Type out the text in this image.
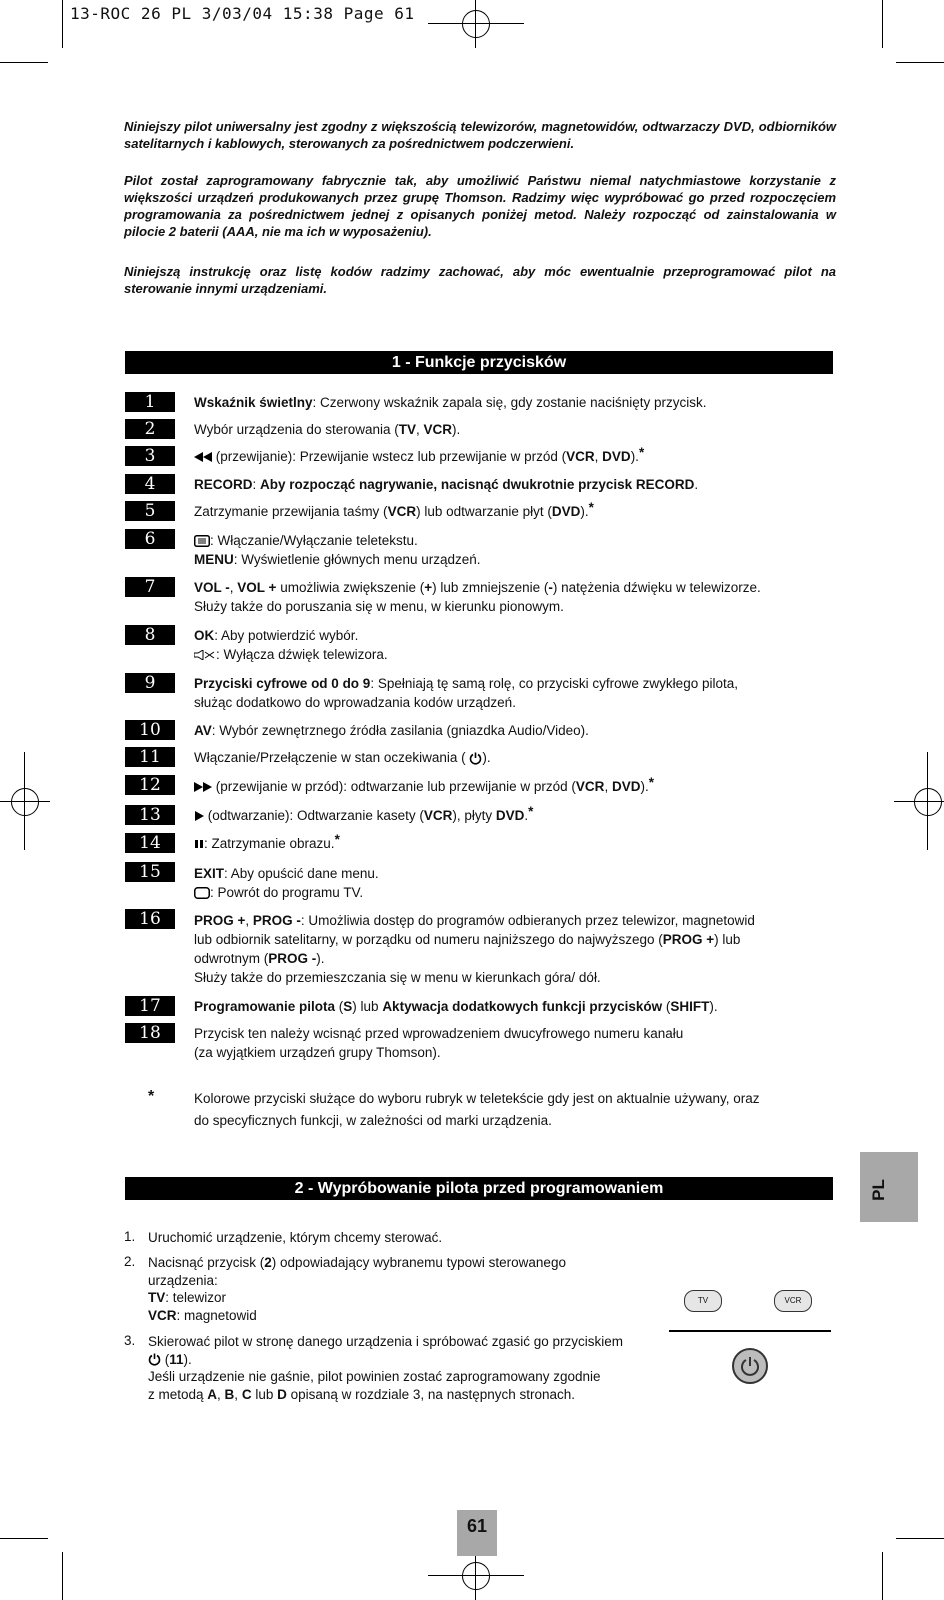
13-ROC 26 PL 3/03/04 15:38 Page 61
Niniejszy pilot uniwersalny jest zgodny z większością telewizorów, magnetowidów, odtwarzaczy DVD, odbiorników satelitarnych i kablowych, sterowanych za pośrednictwem podczerwieni.
Pilot został zaprogramowany fabrycznie tak, aby umożliwić Państwu niemal natychmiastowe korzystanie z większości urządzeń produkowanych przez grupę Thomson. Radzimy więc wypróbować go przed rozpoczęciem programowania za pośrednictwem jednej z opisanych poniżej metod. Należy rozpocząć od zainstalowania w pilocie 2 baterii (AAA, nie ma ich w wyposażeniu).
Niniejszą instrukcję oraz listę kodów radzimy zachować, aby móc ewentualnie przeprogramować pilot na sterowanie innymi urządzeniami.
1 - Funkcje przycisków
1	Wskaźnik świetlny: Czerwony wskaźnik zapala się, gdy zostanie naciśnięty przycisk.
2	Wybór urządzenia do sterowania (TV, VCR).
3	(przewijanie): Przewijanie wstecz lub przewijanie w przód (VCR, DVD).*
4	RECORD: Aby rozpocząć nagrywanie, nacisnąć dwukrotnie przycisk RECORD.
5	Zatrzymanie przewijania taśmy (VCR) lub odtwarzanie płyt (DVD).*
6	: Włączanie/Wyłączanie teletekstu.
MENU: Wyświetlenie głównych menu urządzeń.
7	VOL -, VOL + umożliwia zwiększenie (+) lub zmniejszenie (-) natężenia dźwięku w telewizorze.
Służy także do poruszania się w menu, w kierunku pionowym.
8	OK: Aby potwierdzić wybór.
: Wyłącza dźwięk telewizora.
9	Przyciski cyfrowe od 0 do 9: Spełniają tę samą rolę, co przyciski cyfrowe zwykłego pilota,
służąc dodatkowo do wprowadzania kodów urządzeń.
10	AV: Wybór zewnętrznego źródła zasilania (gniazdka Audio/Video).
11	Włączanie/Przełączenie w stan oczekiwania ( ).
12	(przewijanie w przód): odtwarzanie lub przewijanie w przód (VCR, DVD).*
13	(odtwarzanie): Odtwarzanie kasety (VCR), płyty DVD.*
14	: Zatrzymanie obrazu.*
15	EXIT: Aby opuścić dane menu.
: Powrót do programu TV.
16	PROG +, PROG -: Umożliwia dostęp do programów odbieranych przez telewizor, magnetowid
lub odbiornik satelitarny, w porządku od numeru najniższego do najwyższego (PROG +) lub
odwrotnym (PROG -).
Służy także do przemieszczania się w menu w kierunkach góra/ dół.
17	Programowanie pilota (S) lub Aktywacja dodatkowych funkcji przycisków (SHIFT).
18	Przycisk ten należy wcisnąć przed wprowadzeniem dwucyfrowego numeru kanału
(za wyjątkiem urządzeń grupy Thomson).
*	Kolorowe przyciski służące do wyboru rubryk w teletekście gdy jest on aktualnie używany, oraz
do specyficznych funkcji, w zależności od marki urządzenia.
PL
2 - Wypróbowanie pilota przed programowaniem
1. Uruchomić urządzenie, którym chcemy sterować.
2. Nacisnąć przycisk (2) odpowiadający wybranemu typowi sterowanego
urządzenia:
TV: telewizor
VCR: magnetowid
3. Skierować pilot w stronę danego urządzenia i spróbować zgasić go przyciskiem
(11).
Jeśli urządzenie nie gaśnie, pilot powinien zostać zaprogramowany zgodnie
z metodą A, B, C lub D opisaną w rozdziale 3, na następnych stronach.
TV	VCR
61
